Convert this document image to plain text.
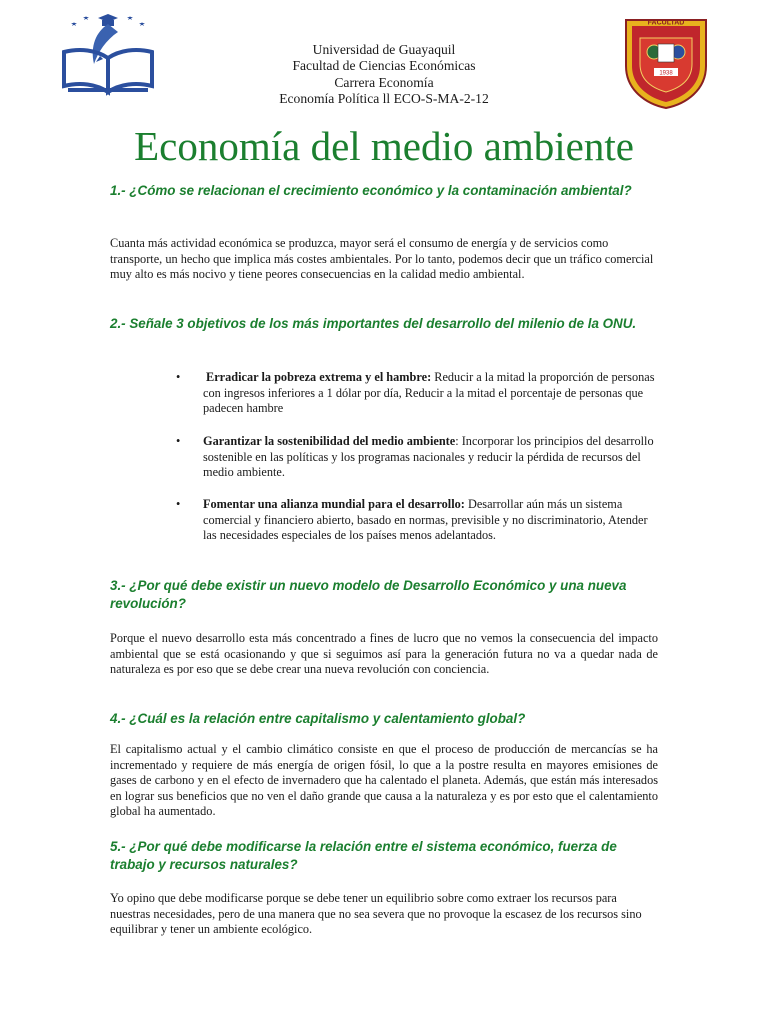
FACULTAD
1938
Universidad de Guayaquil
Facultad de Ciencias Económicas
Carrera Economía
Economía Política ll ECO-S-MA-2-12
Economía del medio ambiente
1.- ¿Cómo se relacionan el crecimiento económico y la contaminación ambiental?
Cuanta más actividad económica se produzca, mayor será el consumo de energía y de servicios como transporte, un hecho que implica más costes ambientales. Por lo tanto, podemos decir que un tráfico comercial muy alto es más nocivo y tiene peores consecuencias en la calidad medio ambiental.
2.- Señale 3 objetivos de los más importantes del desarrollo del milenio de la ONU.
•	Erradicar la pobreza extrema y el hambre: Reducir a la mitad la proporción de personas con ingresos inferiores a 1 dólar por día, Reducir a la mitad el porcentaje de personas que padecen hambre
•	Garantizar la sostenibilidad del medio ambiente: Incorporar los principios del desarrollo sostenible en las políticas y los programas nacionales y reducir la pérdida de recursos del medio ambiente.
•	Fomentar una alianza mundial para el desarrollo: Desarrollar aún más un sistema comercial y financiero abierto, basado en normas, previsible y no discriminatorio, Atender las necesidades especiales de los países menos adelantados.
3.- ¿Por qué debe existir un nuevo modelo de Desarrollo Económico y una nueva revolución?
Porque el nuevo desarrollo esta más concentrado a fines de lucro que no vemos la consecuencia del impacto ambiental que se está ocasionando y que si seguimos así para la generación futura no va a quedar nada de naturaleza es por eso que se debe crear una nueva revolución con conciencia.
4.- ¿Cuál es la relación entre capitalismo y calentamiento global?
El capitalismo actual y el cambio climático consiste en que el proceso de producción de mercancías se ha incrementado y requiere de más energía de origen fósil, lo que a la postre resulta en mayores emisiones de gases de carbono y en el efecto de invernadero que ha calentado el planeta. Además, que están más interesados en lograr sus beneficios que no ven el daño grande que causa a la naturaleza y es por esto que el calentamiento global ha aumentado.
5.- ¿Por qué debe modificarse la relación entre el sistema económico, fuerza de trabajo y recursos naturales?
Yo opino que debe modificarse porque se debe tener un equilibrio sobre como extraer los recursos para nuestras necesidades, pero de una manera que no sea severa que no provoque la escasez de los recursos sino equilibrar y tener un ambiente ecológico.
